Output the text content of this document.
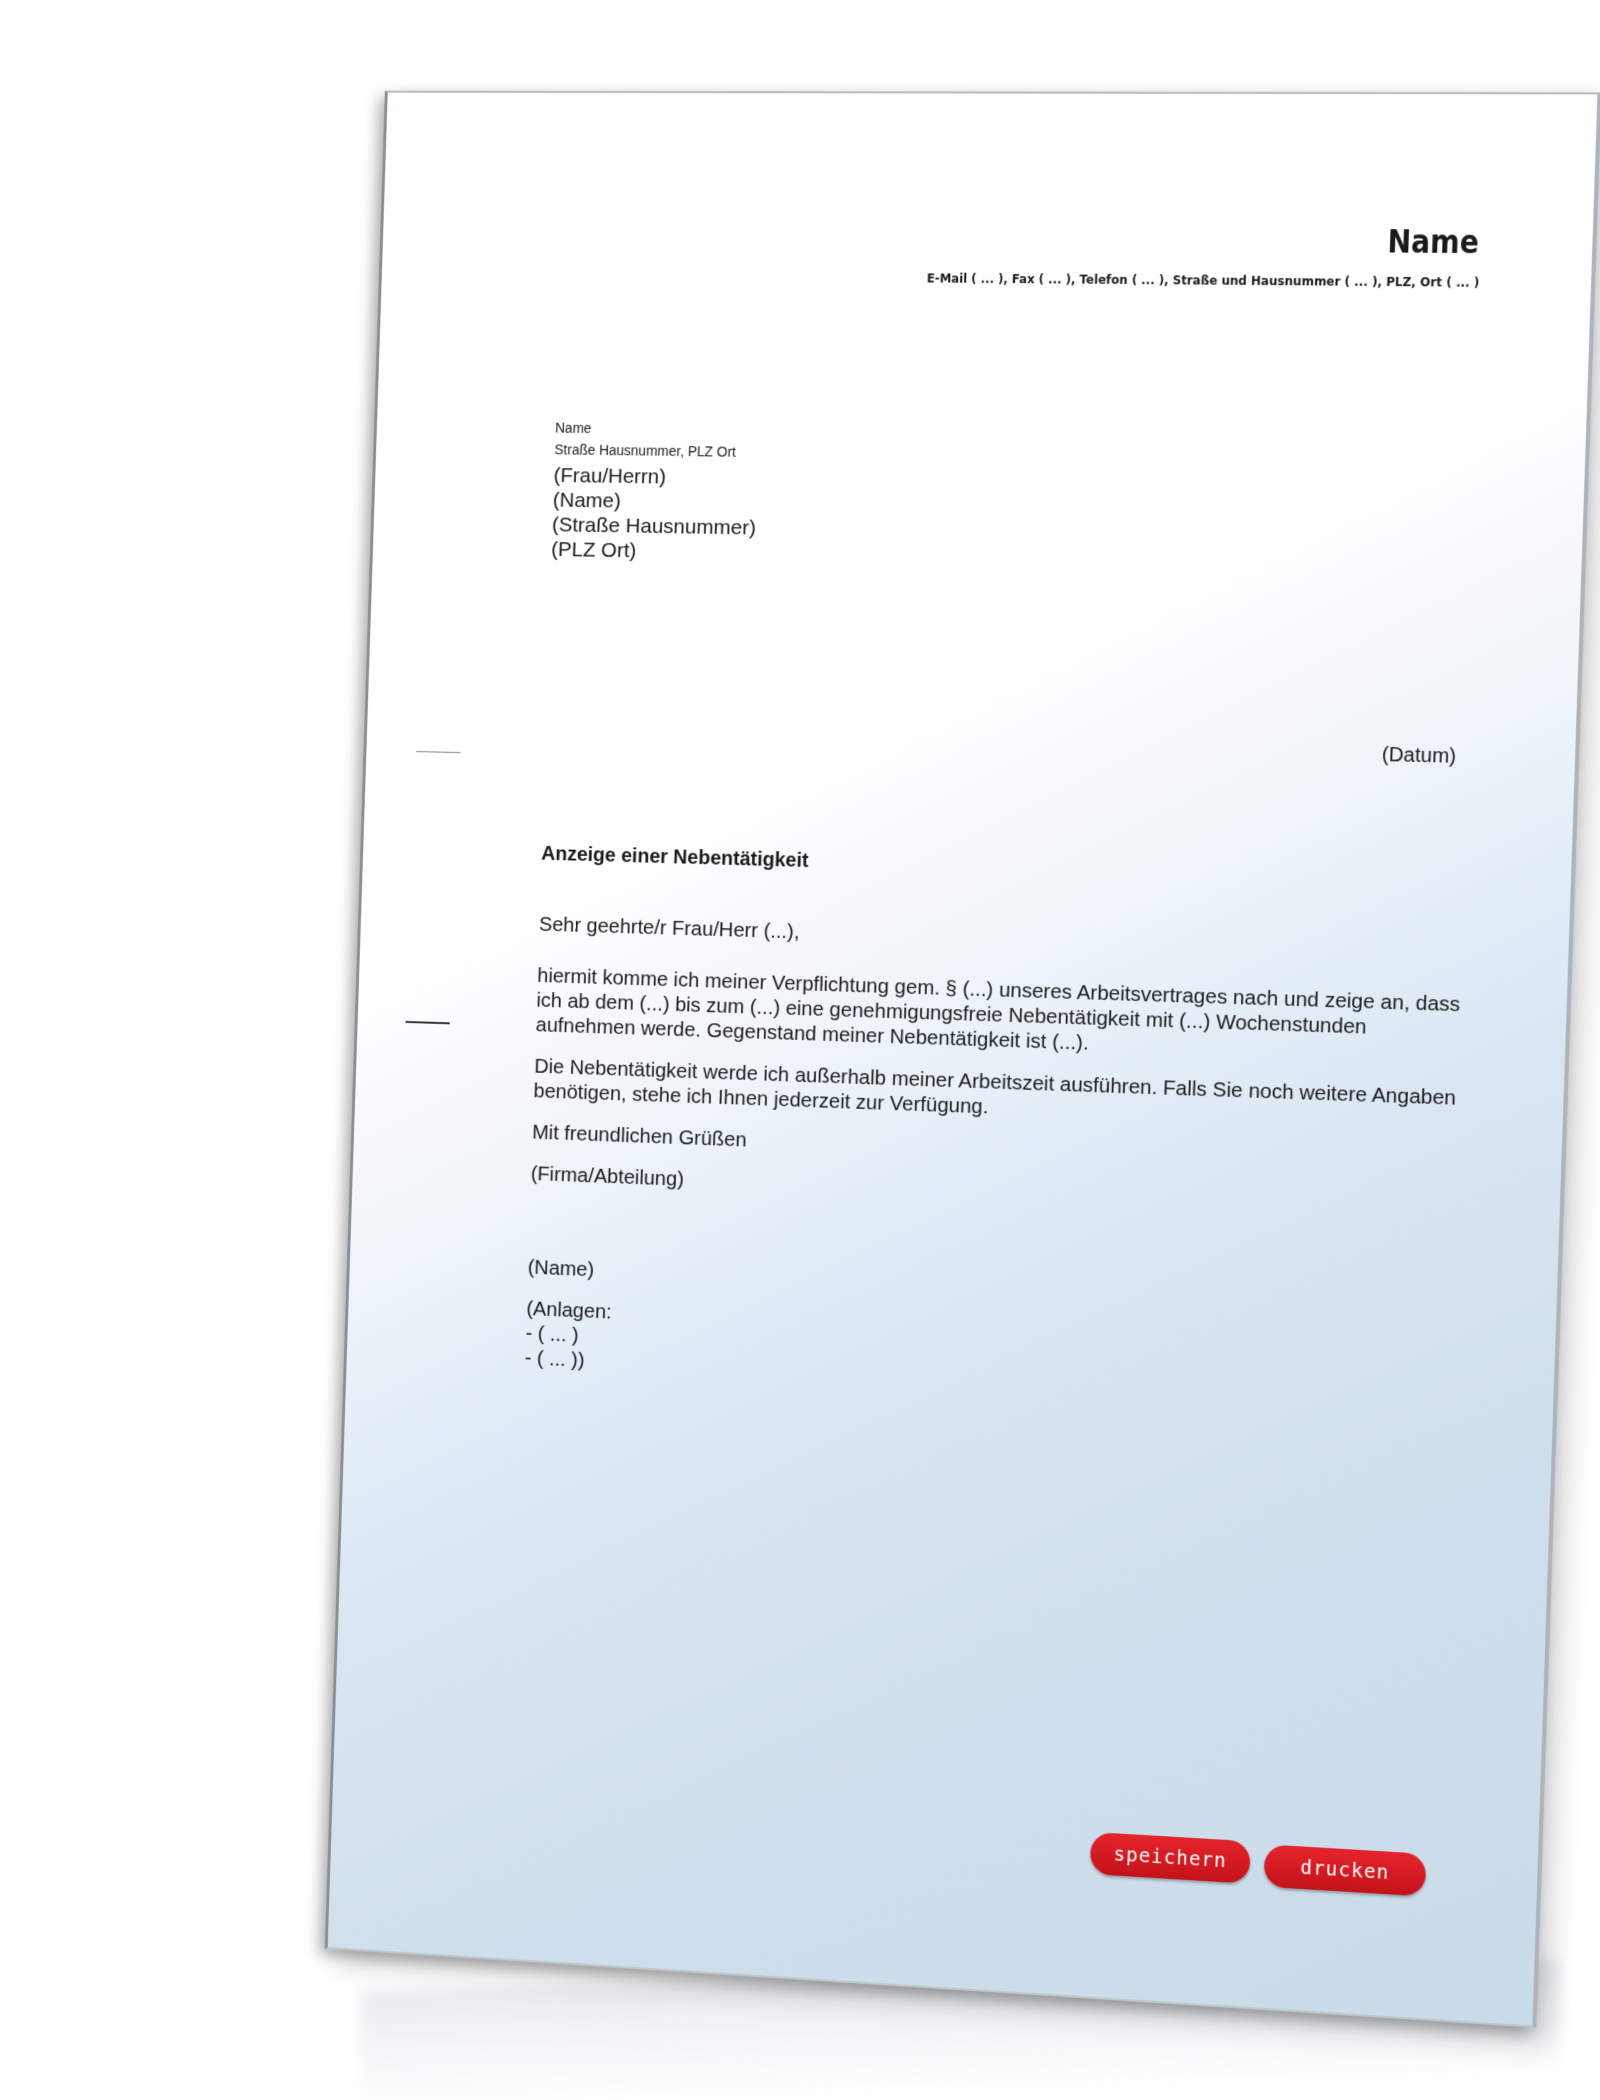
Name
E-Mail ( ... ), Fax ( ... ), Telefon ( ... ), Straße und Hausnummer ( ... ), PLZ, Ort ( ... )
Name
Straße Hausnummer, PLZ Ort
(Frau/Herrn)
(Name)
(Straße Hausnummer)
(PLZ Ort)
(Datum)
Anzeige einer Nebentätigkeit

Sehr geehrte/r Frau/Herr (...),

hiermit komme ich meiner Verpflichtung gem. § (...) unseres Arbeitsvertrages nach und zeige an, dass ich ab dem (...) bis zum (...) eine genehmigungsfreie Nebentätigkeit mit (...) Wochenstunden aufnehmen werde. Gegenstand meiner Nebentätigkeit ist (...).

Die Nebentätigkeit werde ich außerhalb meiner Arbeitszeit ausführen. Falls Sie noch weitere Angaben benötigen, stehe ich Ihnen jederzeit zur Verfügung.

Mit freundlichen Grüßen

(Firma/Abteilung)

(Name)

(Anlagen:
- ( ... )
- ( ... ))
speichern	drucken
